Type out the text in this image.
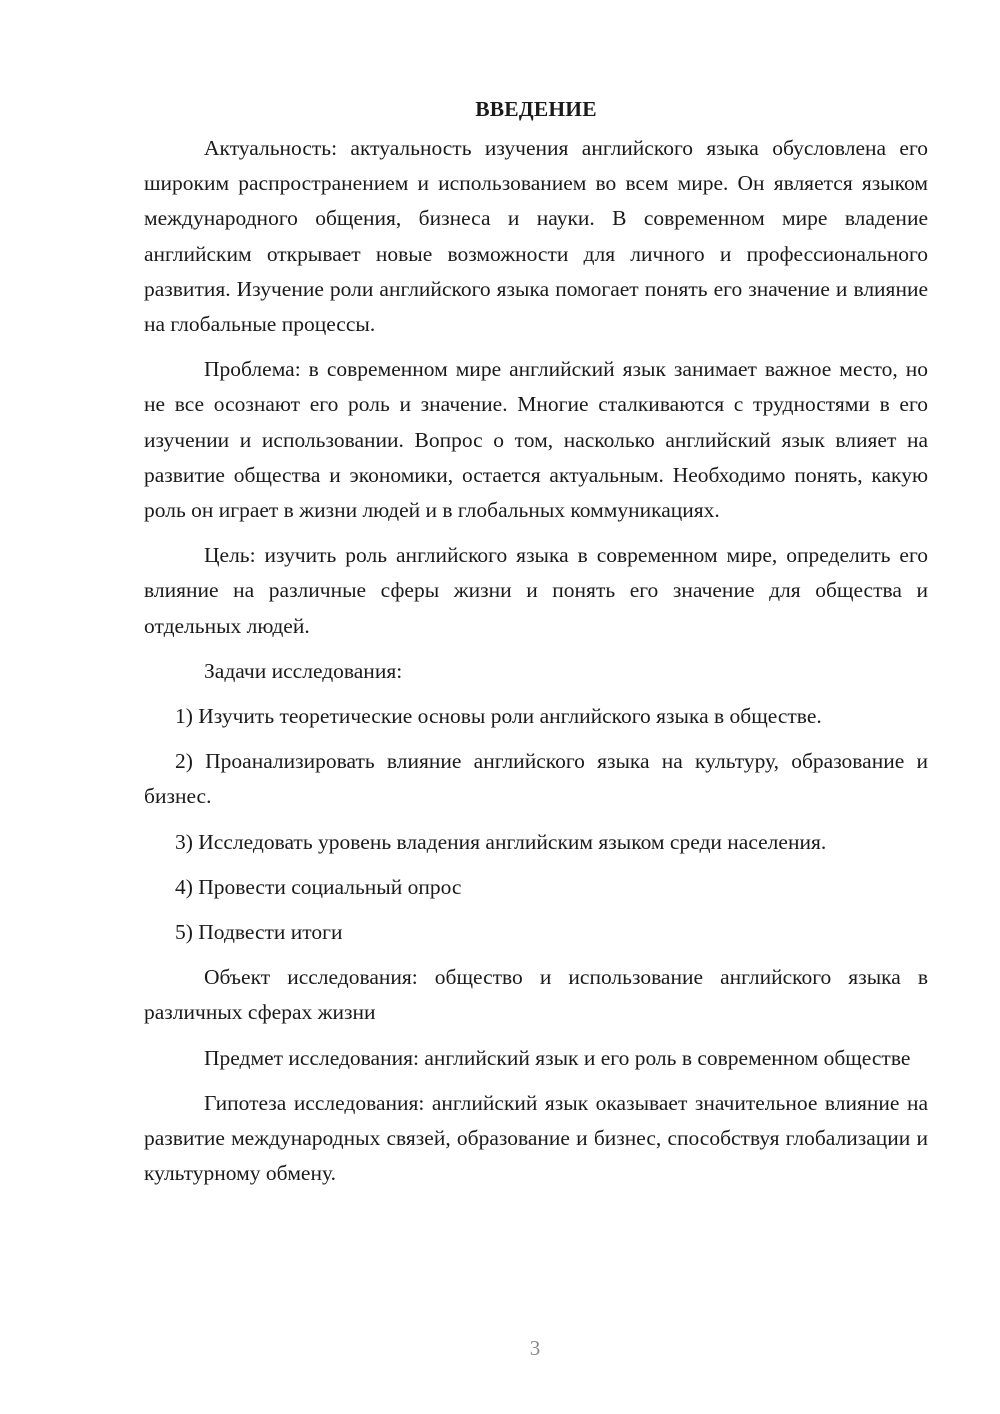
ВВЕДЕНИЕ

Актуальность: актуальность изучения английского языка обусловлена его широким распространением и использованием во всем мире. Он является языком международного общения, бизнеса и науки. В современном мире владение английским открывает новые возможности для личного и профессионального развития. Изучение роли английского языка помогает понять его значение и влияние на глобальные процессы.

Проблема: в современном мире английский язык занимает важное место, но не все осознают его роль и значение. Многие сталкиваются с трудностями в его изучении и использовании. Вопрос о том, насколько английский язык влияет на развитие общества и экономики, остается актуальным. Необходимо понять, какую роль он играет в жизни людей и в глобальных коммуникациях.

Цель: изучить роль английского языка в современном мире, определить его влияние на различные сферы жизни и понять его значение для общества и отдельных людей.

Задачи исследования:

1) Изучить теоретические основы роли английского языка в обществе.

2) Проанализировать влияние английского языка на культуру, образование и бизнес.

3) Исследовать уровень владения английским языком среди населения.

4) Провести социальный опрос

5) Подвести итоги

Объект исследования: общество и использование английского языка в различных сферах жизни

Предмет исследования: английский язык и его роль в современном обществе

Гипотеза исследования: английский язык оказывает значительное влияние на развитие международных связей, образование и бизнес, способствуя глобализации и культурному обмену.

3
